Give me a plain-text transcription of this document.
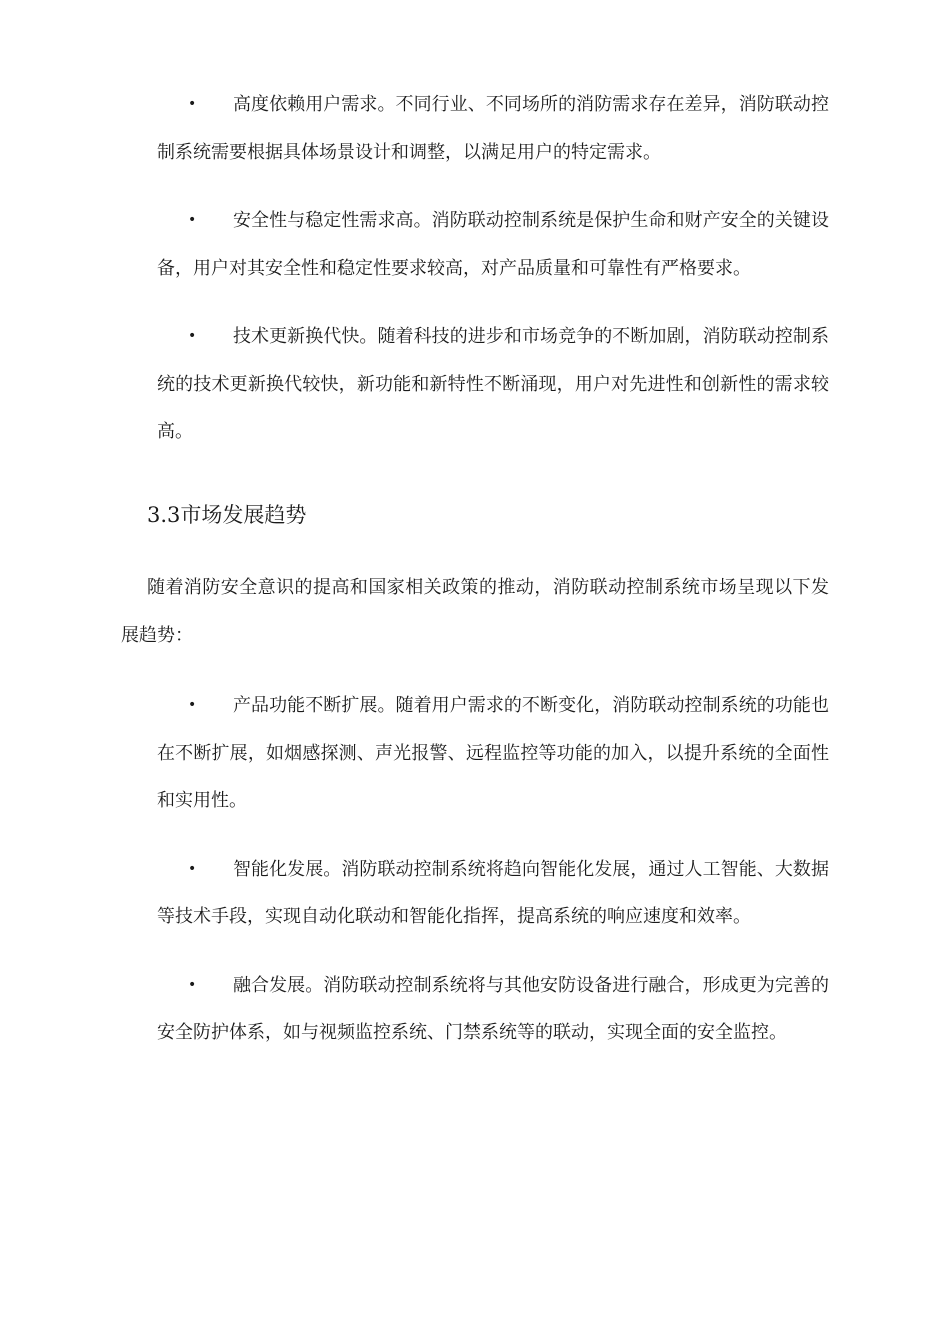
• 高度依赖用户需求。不同行业、不同场所的消防需求存在差异，消防联动控制系统需要根据具体场景设计和调整，以满足用户的特定需求。
• 安全性与稳定性需求高。消防联动控制系统是保护生命和财产安全的关键设备，用户对其安全性和稳定性要求较高，对产品质量和可靠性有严格要求。
• 技术更新换代快。随着科技的进步和市场竞争的不断加剧，消防联动控制系统的技术更新换代较快，新功能和新特性不断涌现，用户对先进性和创新性的需求较高。
3.3市场发展趋势

随着消防安全意识的提高和国家相关政策的推动，消防联动控制系统市场呈现以下发展趋势：

• 产品功能不断扩展。随着用户需求的不断变化，消防联动控制系统的功能也在不断扩展，如烟感探测、声光报警、远程监控等功能的加入，以提升系统的全面性和实用性。
• 智能化发展。消防联动控制系统将趋向智能化发展，通过人工智能、大数据等技术手段，实现自动化联动和智能化指挥，提高系统的响应速度和效率。
• 融合发展。消防联动控制系统将与其他安防设备进行融合，形成更为完善的安全防护体系，如与视频监控系统、门禁系统等的联动，实现全面的安全监控。
